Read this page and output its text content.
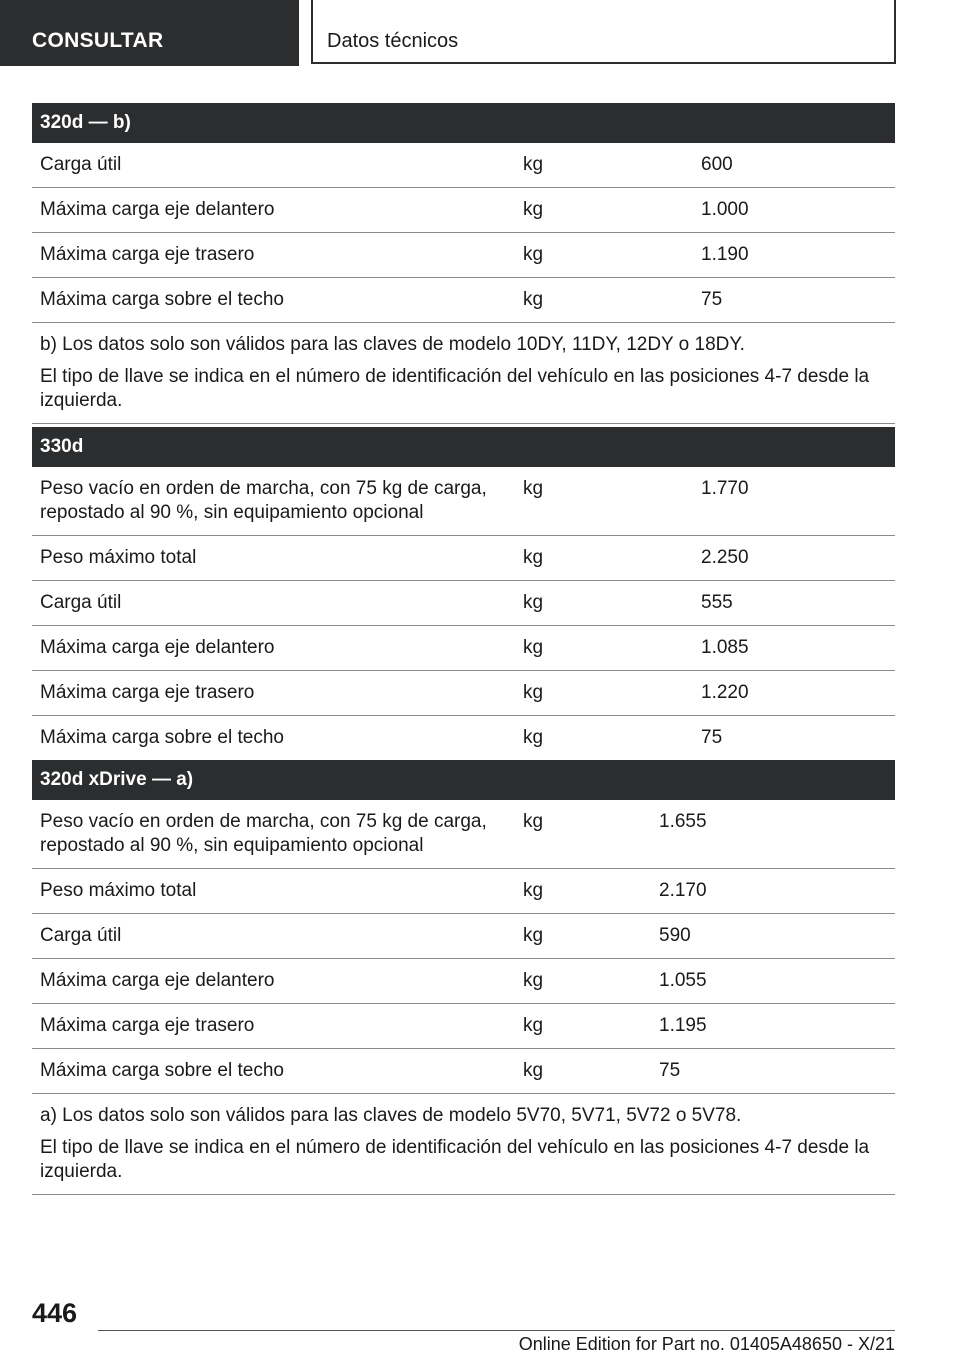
CONSULTAR	Datos técnicos
320d — b)
Carga útil	kg	600
Máxima carga eje delantero	kg	1.000
Máxima carga eje trasero	kg	1.190
Máxima carga sobre el techo	kg	75

b) Los datos solo son válidos para las claves de modelo 10DY, 11DY, 12DY o 18DY.

El tipo de llave se indica en el número de identificación del vehículo en las posiciones 4-7 desde la izquierda.

330d
Peso vacío en orden de marcha, con 75 kg de carga, repostado al 90 %, sin equipamiento opcional	kg	1.770
Peso máximo total	kg	2.250
Carga útil	kg	555
Máxima carga eje delantero	kg	1.085
Máxima carga eje trasero	kg	1.220
Máxima carga sobre el techo	kg	75
320d xDrive — a)
Peso vacío en orden de marcha, con 75 kg de carga, repostado al 90 %, sin equipamiento opcional	kg	1.655
Peso máximo total	kg	2.170
Carga útil	kg	590
Máxima carga eje delantero	kg	1.055
Máxima carga eje trasero	kg	1.195
Máxima carga sobre el techo	kg	75

a) Los datos solo son válidos para las claves de modelo 5V70, 5V71, 5V72 o 5V78.

El tipo de llave se indica en el número de identificación del vehículo en las posiciones 4-7 desde la izquierda.

446
Online Edition for Part no. 01405A48650 - X/21
